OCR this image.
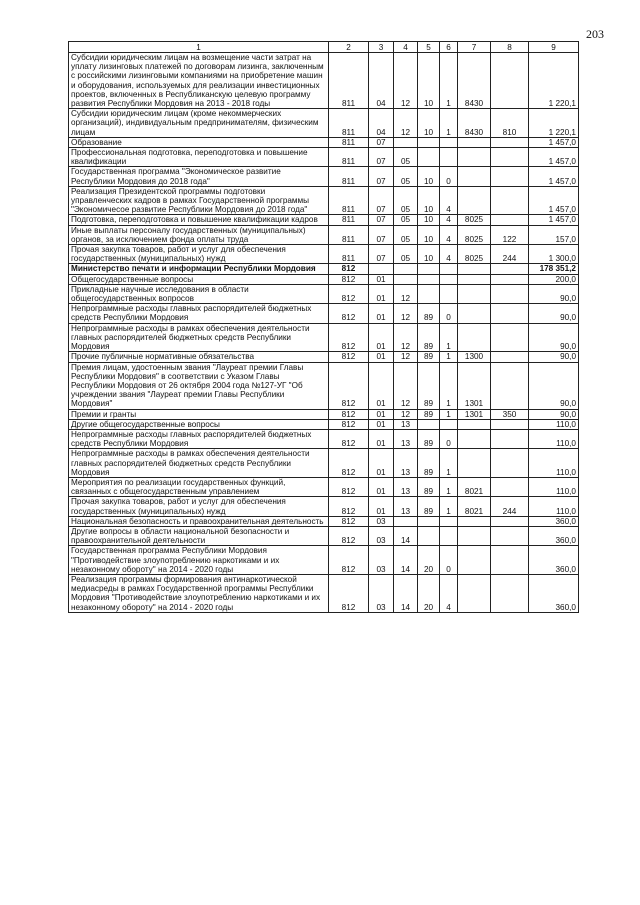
203
1	2	3	4	5	6	7	8	9
Субсидии юридическим лицам на возмещение части затрат на уплату лизинговых платежей по договорам лизинга, заключенным с российскими лизинговыми компаниями на приобретение машин и оборудования, используемых для реализации инвестиционных проектов, включенных в Республиканскую целевую программу развития Республики Мордовия на 2013 - 2018 годы	811	04	12	10	1	8430		1 220,1
Субсидии юридическим лицам (кроме некоммерческих организаций), индивидуальным предпринимателям, физическим лицам	811	04	12	10	1	8430	810	1 220,1
Образование	811	07						1 457,0
Профессиональная подготовка, переподготовка и повышение квалификации	811	07	05					1 457,0
Государственная программа "Экономическое развитие Республики Мордовия до 2018 года"	811	07	05	10	0			1 457,0
Реализация Президентской программы подготовки управленческих кадров в рамках Государственной программы "Экономичесое развитие Республики Мордовия до 2018 года"	811	07	05	10	4			1 457,0
Подготовка, переподготовка и повышение квалификации кадров	811	07	05	10	4	8025		1 457,0
Иные выплаты персоналу государственных (муниципальных) органов, за исключением фонда оплаты труда	811	07	05	10	4	8025	122	157,0
Прочая закупка товаров, работ и услуг для обеспечения государственных (муниципальных) нужд	811	07	05	10	4	8025	244	1 300,0
Министерство печати и информации Республики Мордовия	812							178 351,2
Общегосударственные вопросы	812	01						200,0
Прикладные научные исследования в области общегосударственных вопросов	812	01	12					90,0
Непрограммные расходы главных распорядителей бюджетных средств Республики Мордовия	812	01	12	89	0			90,0
Непрограммные расходы в рамках обеспечения деятельности главных распорядителей бюджетных средств Республики Мордовия	812	01	12	89	1			90,0
Прочие публичные нормативные обязательства	812	01	12	89	1	1300		90,0
Премия лицам, удостоенным звания "Лауреат премии Главы Республики Мордовия" в соответствии с Указом Главы Республики Мордовия от 26 октября 2004 года №127-УГ "Об учреждении звания "Лауреат премии Главы Республики Мордовия"	812	01	12	89	1	1301		90,0
Премии и гранты	812	01	12	89	1	1301	350	90,0
Другие общегосударственные вопросы	812	01	13					110,0
Непрограммные расходы главных распорядителей бюджетных средств Республики Мордовия	812	01	13	89	0			110,0
Непрограммные расходы в рамках обеспечения деятельности главных распорядителей бюджетных средств Республики Мордовия	812	01	13	89	1			110,0
Мероприятия по реализации государственных функций, связанных с общегосударственным управлением	812	01	13	89	1	8021		110,0
Прочая закупка товаров, работ и услуг для обеспечения государственных (муниципальных) нужд	812	01	13	89	1	8021	244	110,0
Национальная безопасность и правоохранительная деятельность	812	03						360,0
Другие вопросы в области национальной безопасности и правоохранительной деятельности	812	03	14					360,0
Государственная программа Республики Мордовия "Противодействие злоупотреблению наркотиками и их незаконному обороту" на 2014 - 2020 годы	812	03	14	20	0			360,0
Реализация программы формирования антинаркотической медиасреды в рамках Государственной программы Республики Мордовия "Противодействие злоупотреблению наркотиками и их незаконному обороту" на 2014 - 2020 годы	812	03	14	20	4			360,0
